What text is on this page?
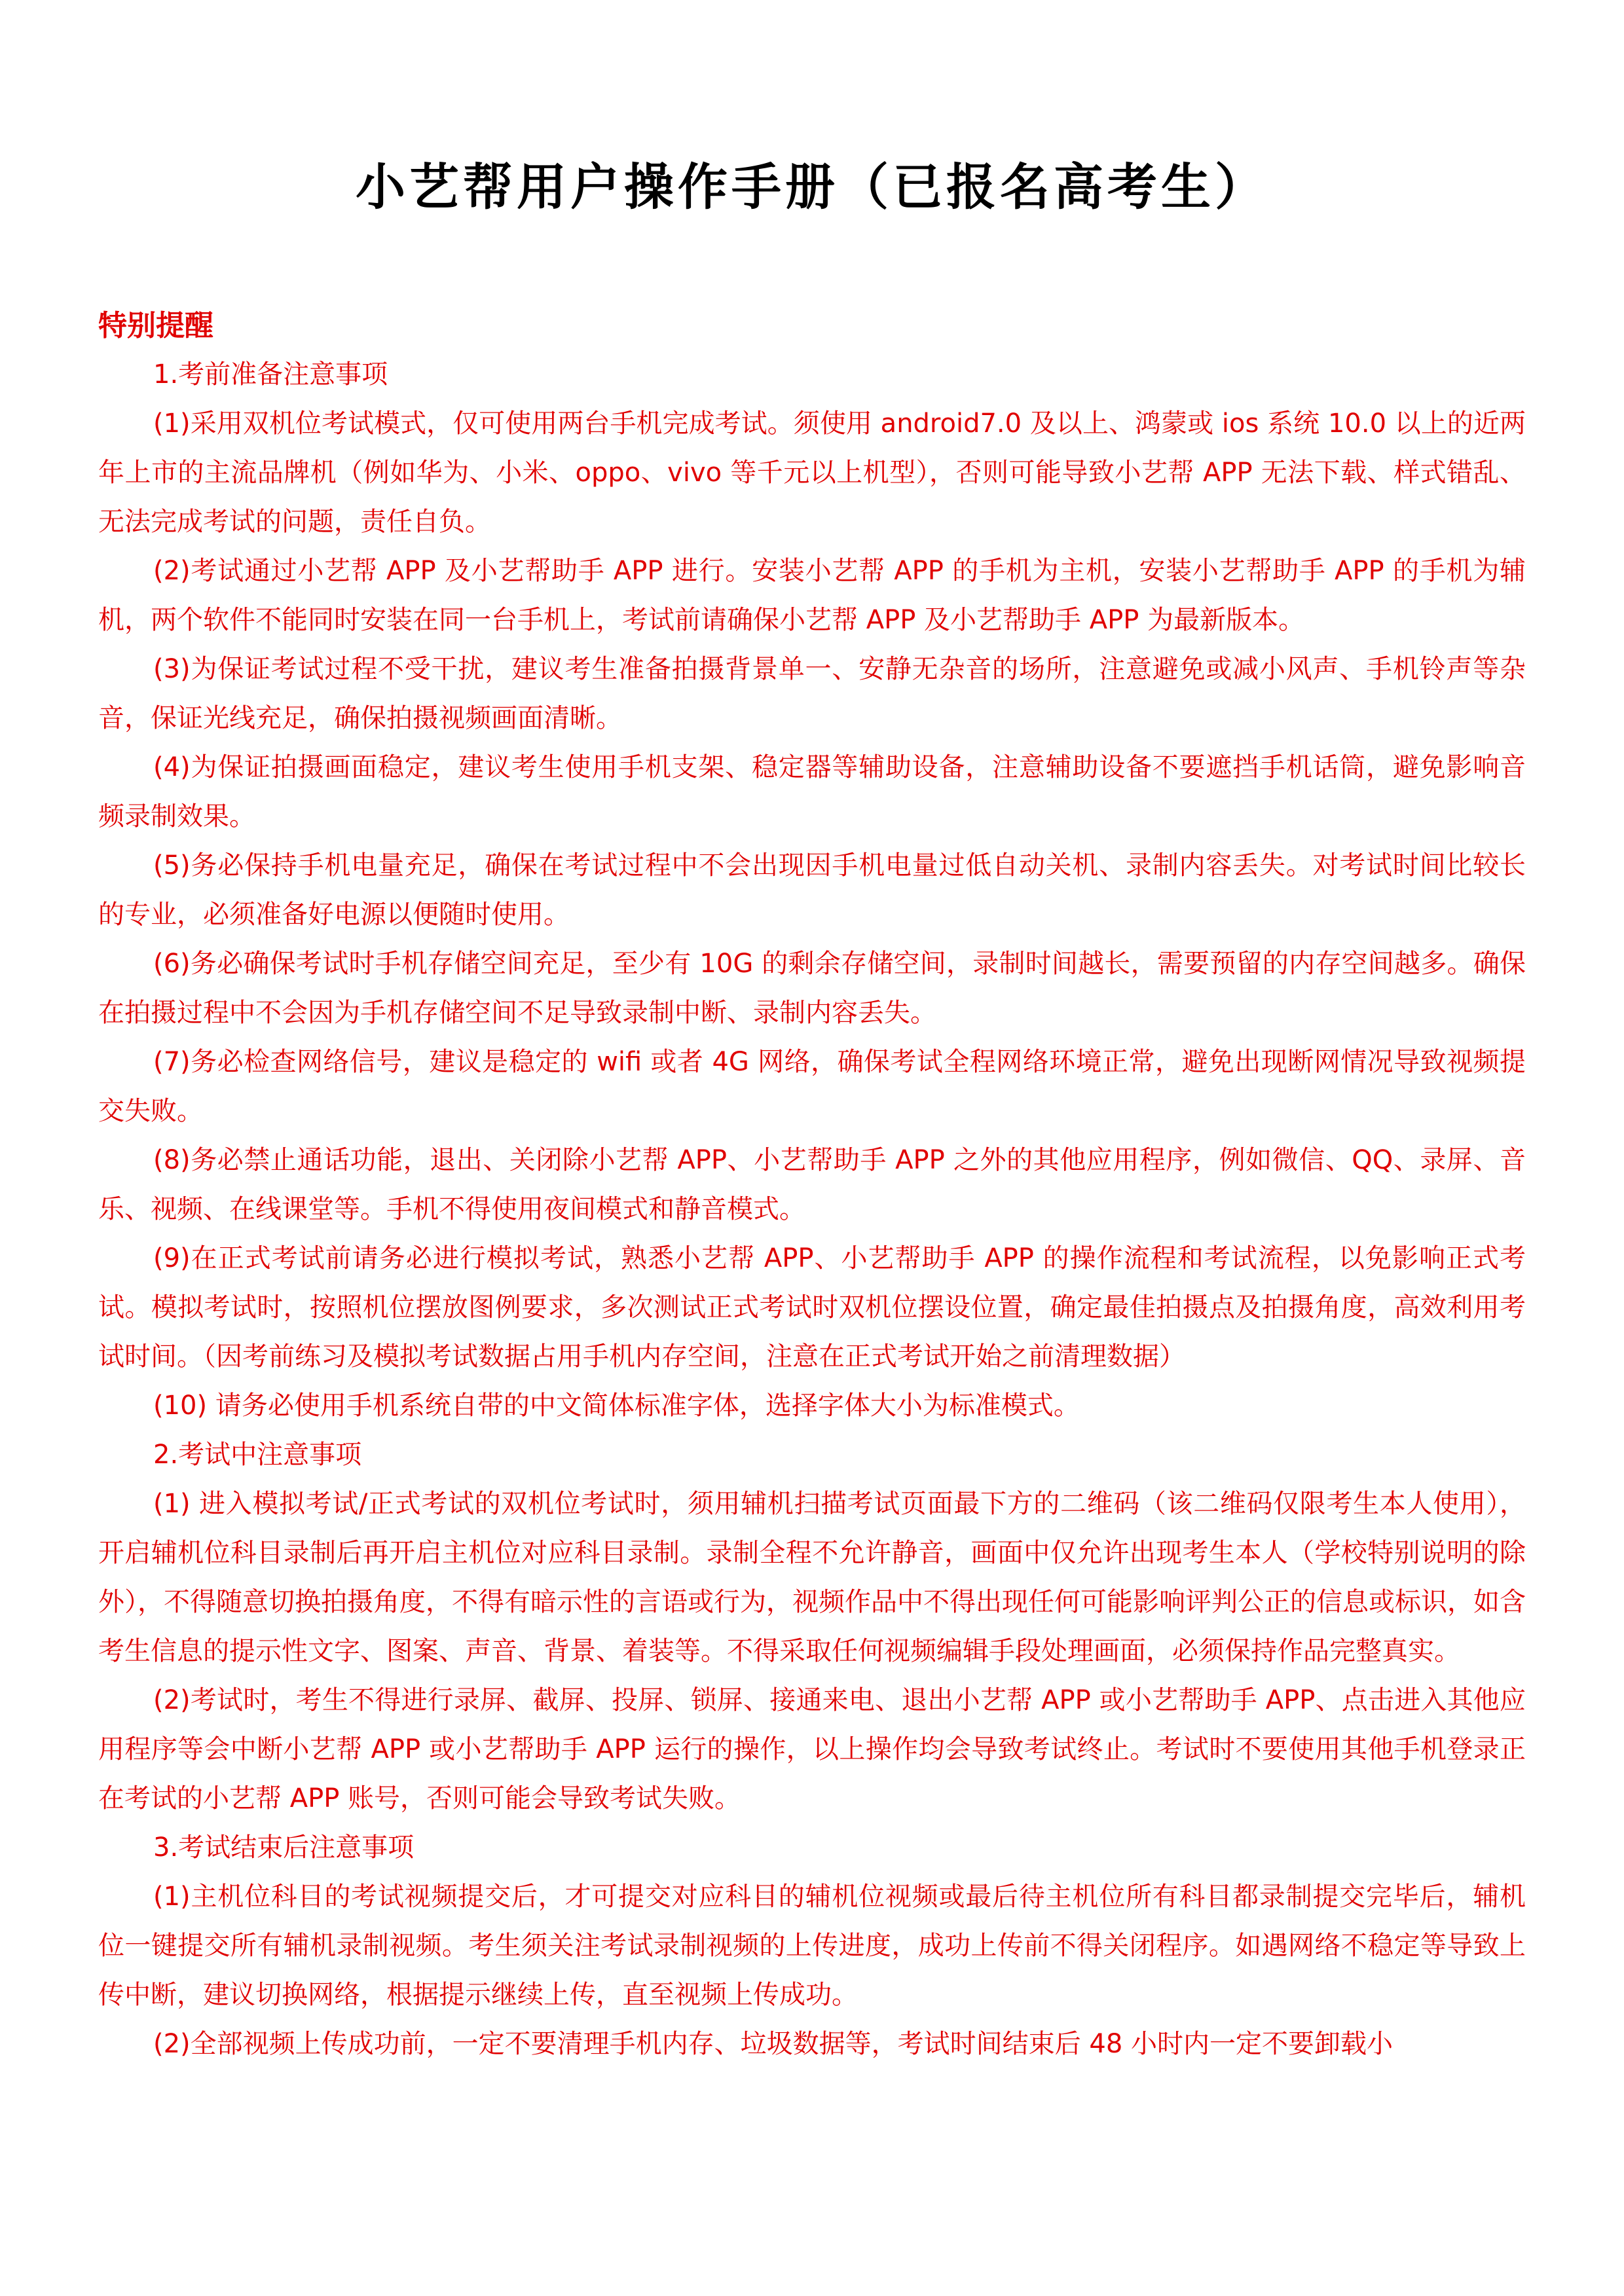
小艺帮用户操作手册（已报名高考生）
特别提醒

1.考前准备注意事项

(1)采用双机位考试模式，仅可使用两台手机完成考试。须使用 android7.0 及以上、鸿蒙或 ios 系统 10.0 以上的近两年上市的主流品牌机（例如华为、小米、oppo、vivo 等千元以上机型），否则可能导致小艺帮 APP 无法下载、样式错乱、无法完成考试的问题，责任自负。

(2)考试通过小艺帮 APP 及小艺帮助手 APP 进行。安装小艺帮 APP 的手机为主机，安装小艺帮助手 APP 的手机为辅机，两个软件不能同时安装在同一台手机上，考试前请确保小艺帮 APP 及小艺帮助手 APP 为最新版本。

(3)为保证考试过程不受干扰，建议考生准备拍摄背景单一、安静无杂音的场所，注意避免或减小风声、手机铃声等杂音，保证光线充足，确保拍摄视频画面清晰。

(4)为保证拍摄画面稳定，建议考生使用手机支架、稳定器等辅助设备，注意辅助设备不要遮挡手机话筒，避免影响音频录制效果。

(5)务必保持手机电量充足，确保在考试过程中不会出现因手机电量过低自动关机、录制内容丢失。对考试时间比较长的专业，必须准备好电源以便随时使用。

(6)务必确保考试时手机存储空间充足，至少有 10G 的剩余存储空间，录制时间越长，需要预留的内存空间越多。确保在拍摄过程中不会因为手机存储空间不足导致录制中断、录制内容丢失。

(7)务必检查网络信号，建议是稳定的 wifi 或者 4G 网络，确保考试全程网络环境正常，避免出现断网情况导致视频提交失败。

(8)务必禁止通话功能，退出、关闭除小艺帮 APP、小艺帮助手 APP 之外的其他应用程序，例如微信、QQ、录屏、音乐、视频、在线课堂等。手机不得使用夜间模式和静音模式。

(9)在正式考试前请务必进行模拟考试，熟悉小艺帮 APP、小艺帮助手 APP 的操作流程和考试流程，以免影响正式考试。模拟考试时，按照机位摆放图例要求，多次测试正式考试时双机位摆设位置，确定最佳拍摄点及拍摄角度，高效利用考试时间。（因考前练习及模拟考试数据占用手机内存空间，注意在正式考试开始之前清理数据）

(10) 请务必使用手机系统自带的中文简体标准字体，选择字体大小为标准模式。

2.考试中注意事项

(1) 进入模拟考试/正式考试的双机位考试时，须用辅机扫描考试页面最下方的二维码（该二维码仅限考生本人使用），开启辅机位科目录制后再开启主机位对应科目录制。录制全程不允许静音，画面中仅允许出现考生本人（学校特别说明的除外），不得随意切换拍摄角度，不得有暗示性的言语或行为，视频作品中不得出现任何可能影响评判公正的信息或标识，如含考生信息的提示性文字、图案、声音、背景、着装等。不得采取任何视频编辑手段处理画面，必须保持作品完整真实。

(2)考试时，考生不得进行录屏、截屏、投屏、锁屏、接通来电、退出小艺帮 APP 或小艺帮助手 APP、点击进入其他应用程序等会中断小艺帮 APP 或小艺帮助手 APP 运行的操作，以上操作均会导致考试终止。考试时不要使用其他手机登录正在考试的小艺帮 APP 账号，否则可能会导致考试失败。

3.考试结束后注意事项

(1)主机位科目的考试视频提交后，才可提交对应科目的辅机位视频或最后待主机位所有科目都录制提交完毕后，辅机位一键提交所有辅机录制视频。考生须关注考试录制视频的上传进度，成功上传前不得关闭程序。如遇网络不稳定等导致上传中断，建议切换网络，根据提示继续上传，直至视频上传成功。

(2)全部视频上传成功前，一定不要清理手机内存、垃圾数据等，考试时间结束后 48 小时内一定不要卸载小
